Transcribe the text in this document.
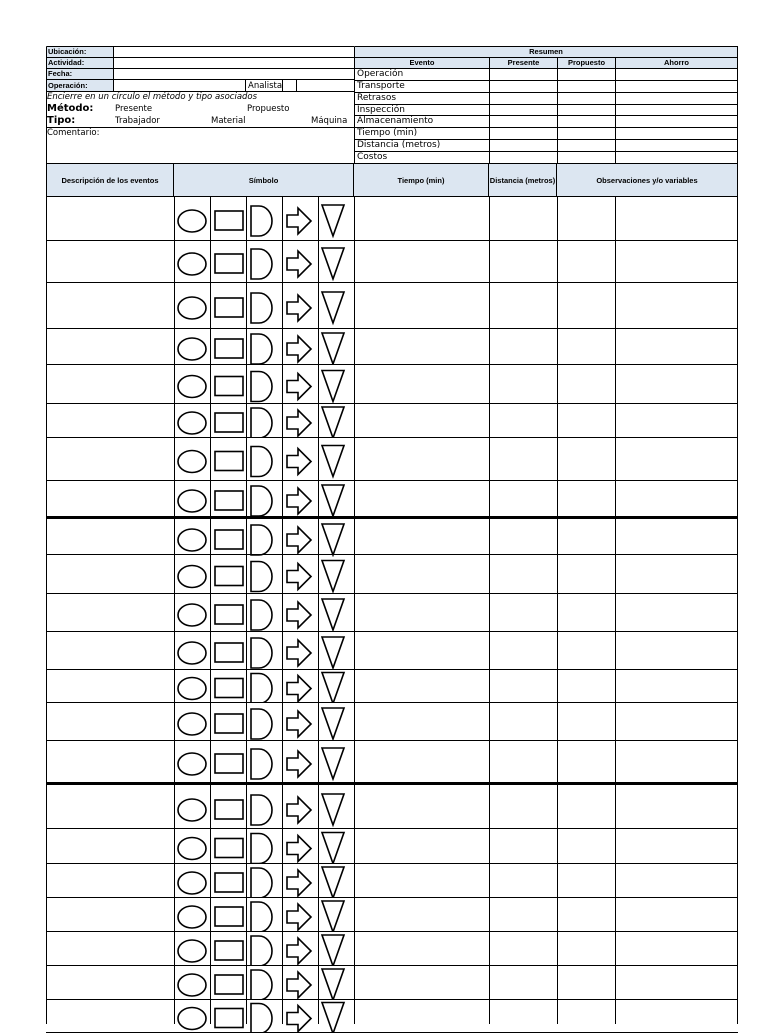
Ubicación:
Actividad:
Fecha:
Operación:	Analista
Encierre en un círculo el método y tipo asociados
Método:	Presente	Propuesto
Tipo:	Trabajador	Material	Máquina
Comentario:
Resumen
Evento	Presente	Propuesto	Ahorro
Operación
Transporte
Retrasos
Inspección
Almacenamiento
Tiempo (min)
Distancia (metros)
Costos
Descripción de los eventos	Símbolo	Tiempo (min)	Distancia (metros)	Observaciones y/o variables
